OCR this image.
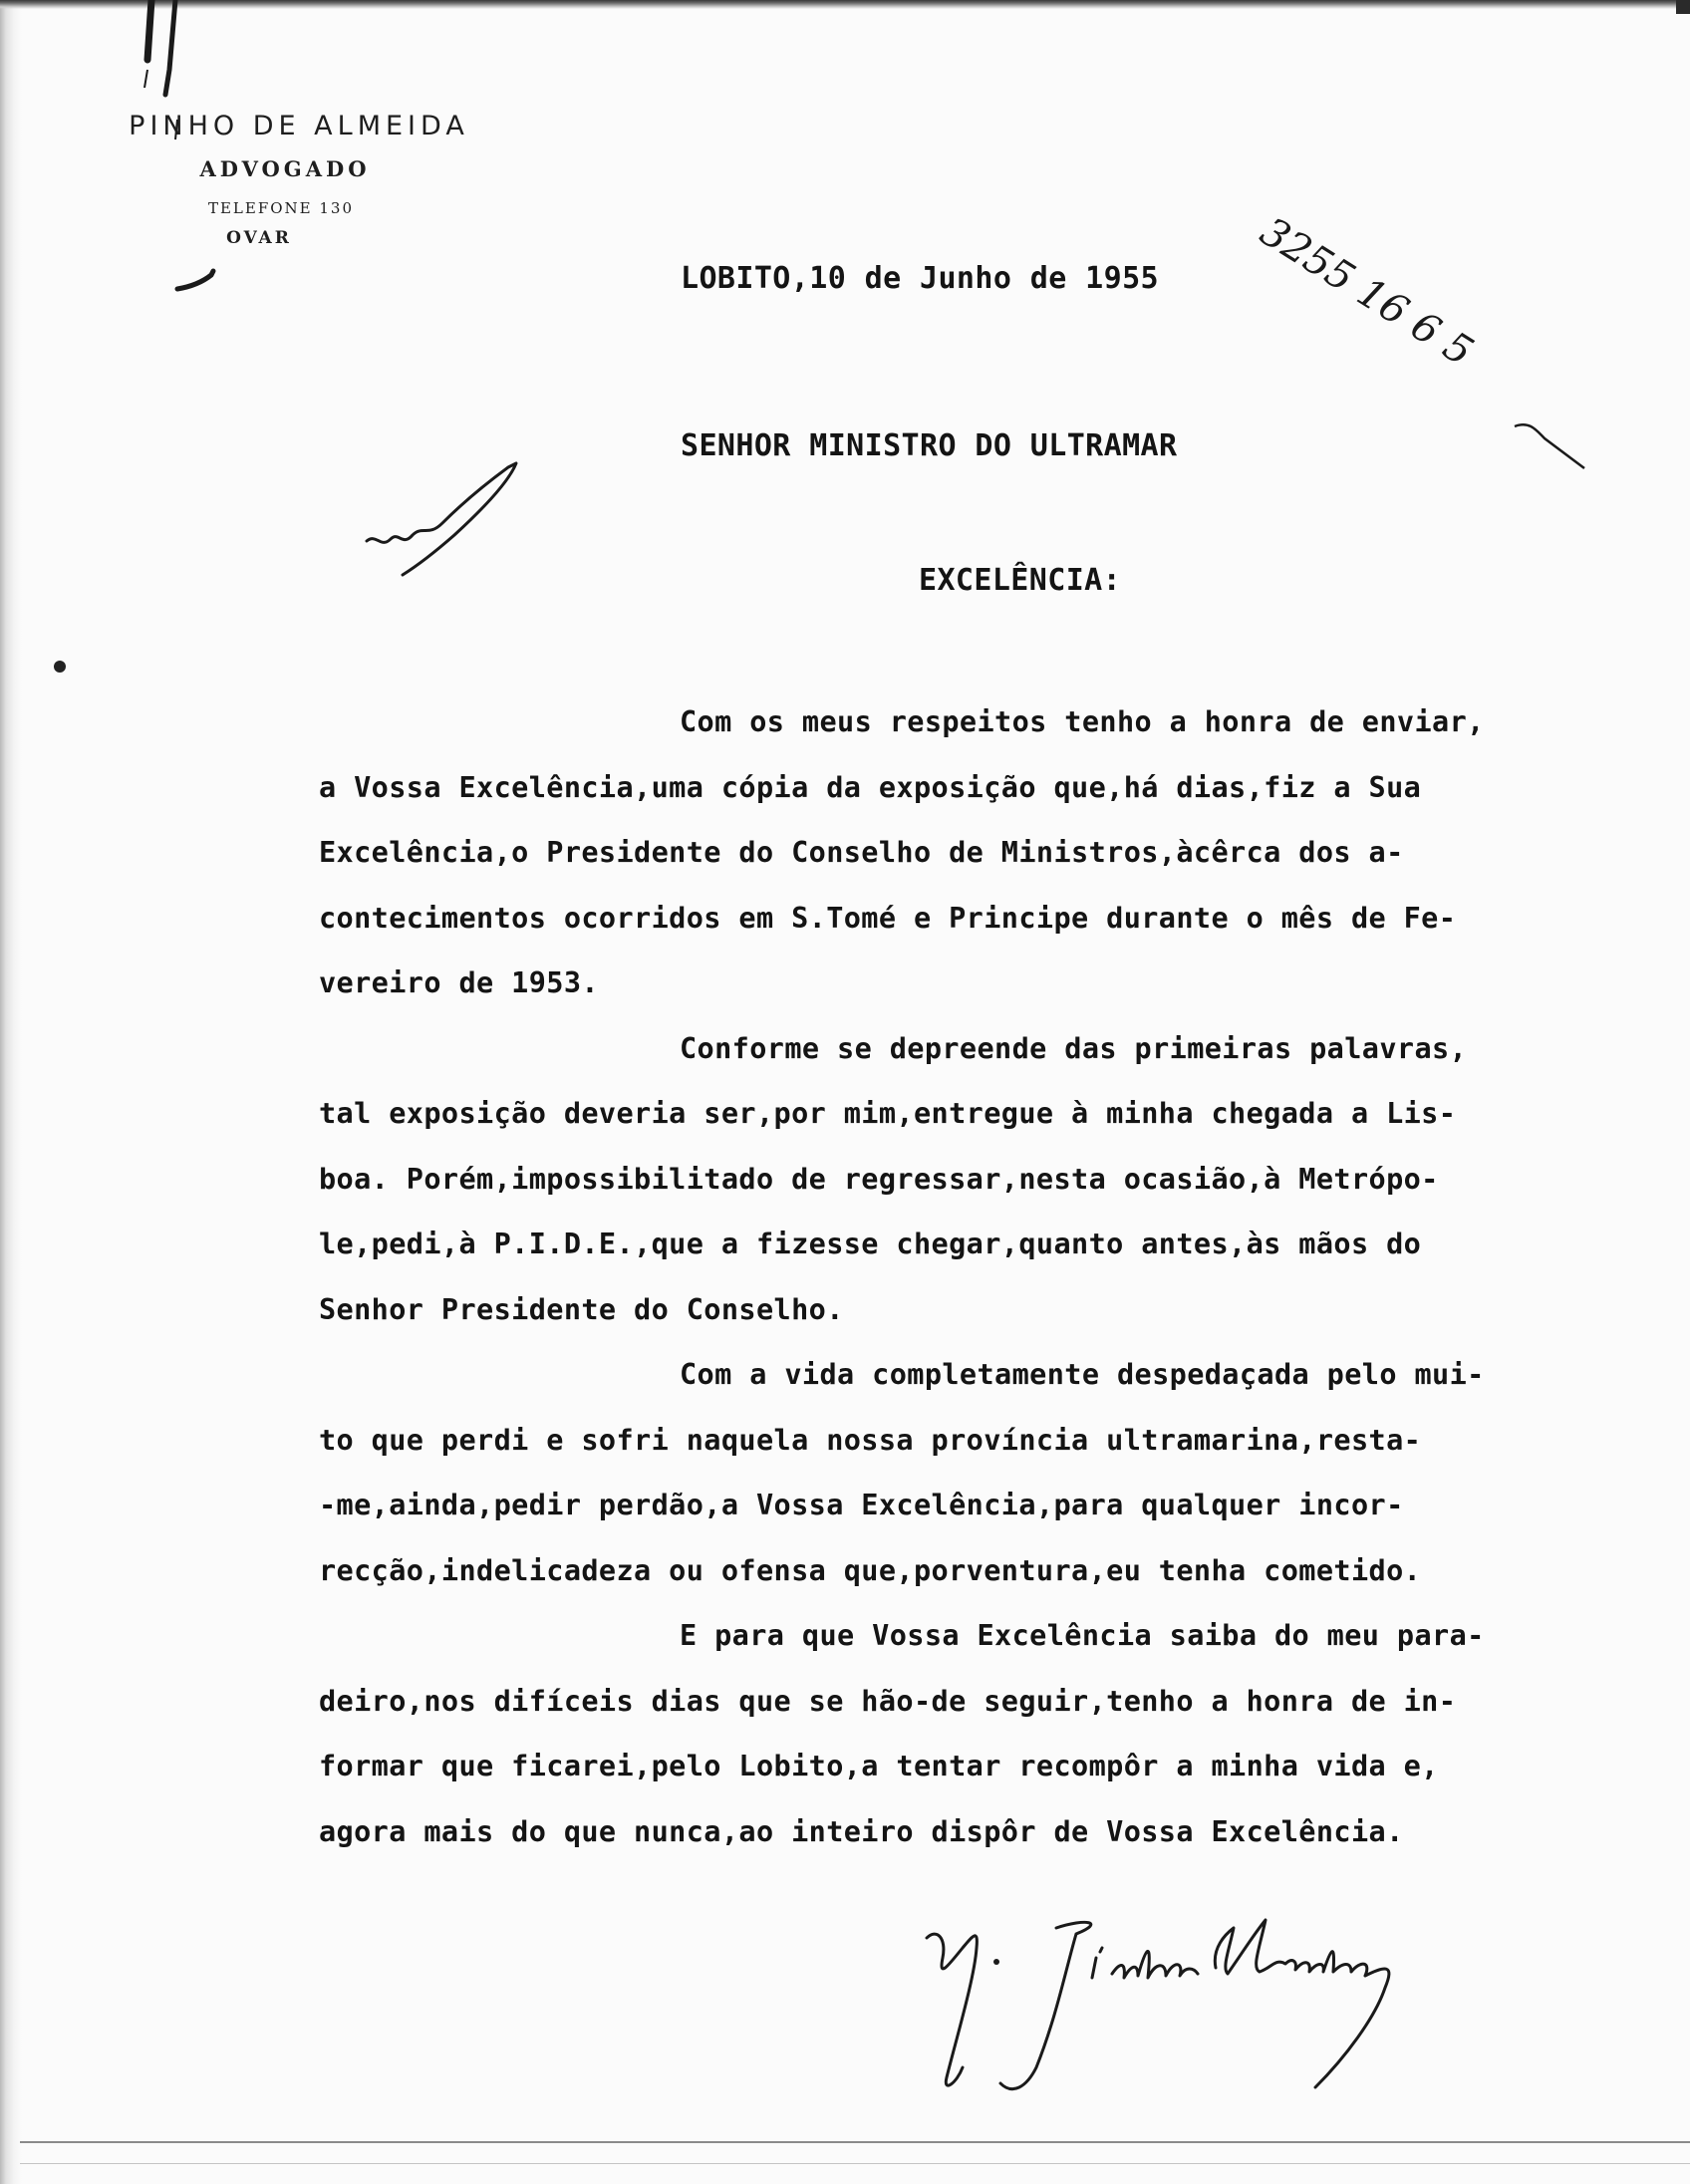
PINHO DE ALMEIDA
ADVOGADO
TELEFONE 130
OVAR
LOBITO,10 de Junho de 1955 3255 16 6 5
SENHOR MINISTRO DO ULTRAMAR
EXCELÊNCIA:
Com os meus respeitos tenho a honra de enviar,
a Vossa Excelência,uma cópia da exposição que,há dias,fiz a Sua
Excelência,o Presidente do Conselho de Ministros,àcêrca dos a-
contecimentos ocorridos em S.Tomé e Principe durante o mês de Fe-
vereiro de 1953.
Conforme se depreende das primeiras palavras,
tal exposição deveria ser,por mim,entregue à minha chegada a Lis-
boa. Porém,impossibilitado de regressar,nesta ocasião,à Metrópo-
le,pedi,à P.I.D.E.,que a fizesse chegar,quanto antes,às mãos do
Senhor Presidente do Conselho.
Com a vida completamente despedaçada pelo mui-
to que perdi e sofri naquela nossa província ultramarina,resta-
-me,ainda,pedir perdão,a Vossa Excelência,para qualquer incor-
recção,indelicadeza ou ofensa que,porventura,eu tenha cometido.
E para que Vossa Excelência saiba do meu para-
deiro,nos difíceis dias que se hão-de seguir,tenho a honra de in-
formar que ficarei,pelo Lobito,a tentar recompôr a minha vida e,
agora mais do que nunca,ao inteiro dispôr de Vossa Excelência.
Pinho d'Almeida
